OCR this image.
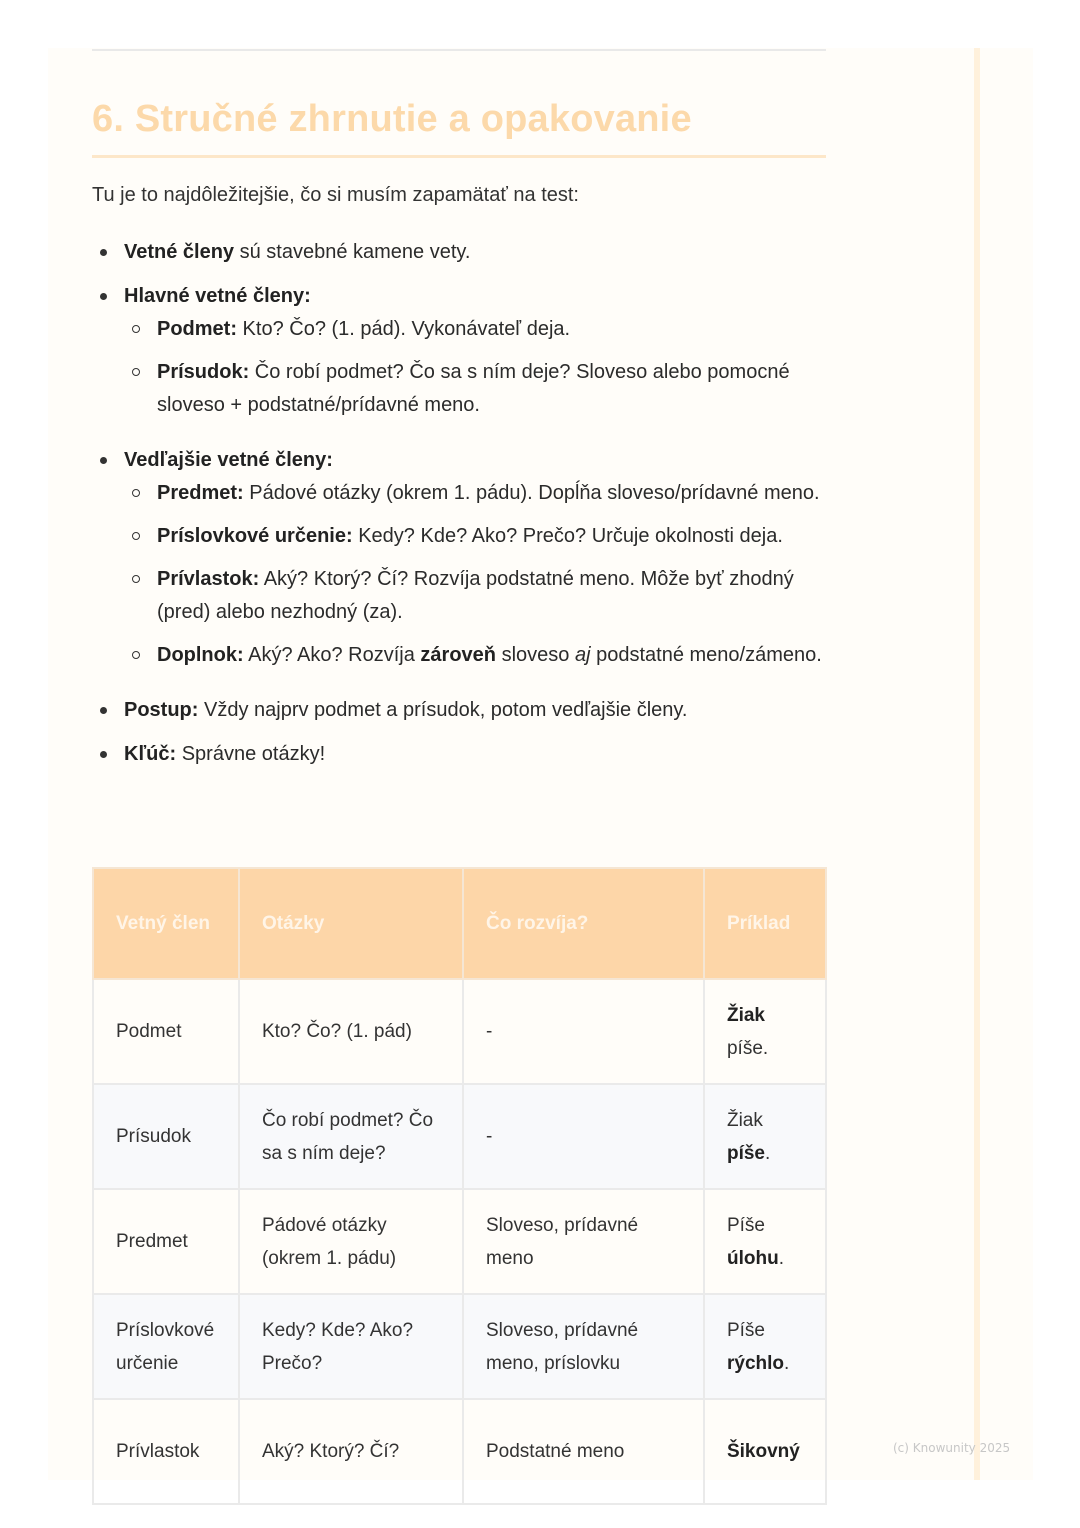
6. Stručné zhrnutie a opakovanie

Tu je to najdôležitejšie, čo si musím zapamätať na test:

Vetné členy sú stavebné kamene vety.
Hlavné vetné členy:
Podmet: Kto? Čo? (1. pád). Vykonávateľ deja.
Prísudok: Čo robí podmet? Čo sa s ním deje? Sloveso alebo pomocné sloveso + podstatné/prídavné meno.
Vedľajšie vetné členy:
Predmet: Pádové otázky (okrem 1. pádu). Dopĺňa sloveso/prídavné meno.
Príslovkové určenie: Kedy? Kde? Ako? Prečo? Určuje okolnosti deja.
Prívlastok: Aký? Ktorý? Čí? Rozvíja podstatné meno. Môže byť zhodný (pred) alebo nezhodný (za).
Doplnok: Aký? Ako? Rozvíja zároveň sloveso aj podstatné meno/zámeno.
Postup: Vždy najprv podmet a prísudok, potom vedľajšie členy.
Kľúč: Správne otázky!
Vetný člen	Otázky	Čo rozvíja?	Príklad
Podmet	Kto? Čo? (1. pád)	-	Žiak píše.
Prísudok	Čo robí podmet? Čo sa s ním deje?	-	Žiak píše.
Predmet	Pádové otázky (okrem 1. pádu)	Sloveso, prídavné meno	Píše úlohu.
Príslovkové určenie	Kedy? Kde? Ako? Prečo?	Sloveso, prídavné meno, príslovku	Píše rýchlo.
Prívlastok	Aký? Ktorý? Čí?	Podstatné meno	Šikovný	(c) Knowunity 2025
